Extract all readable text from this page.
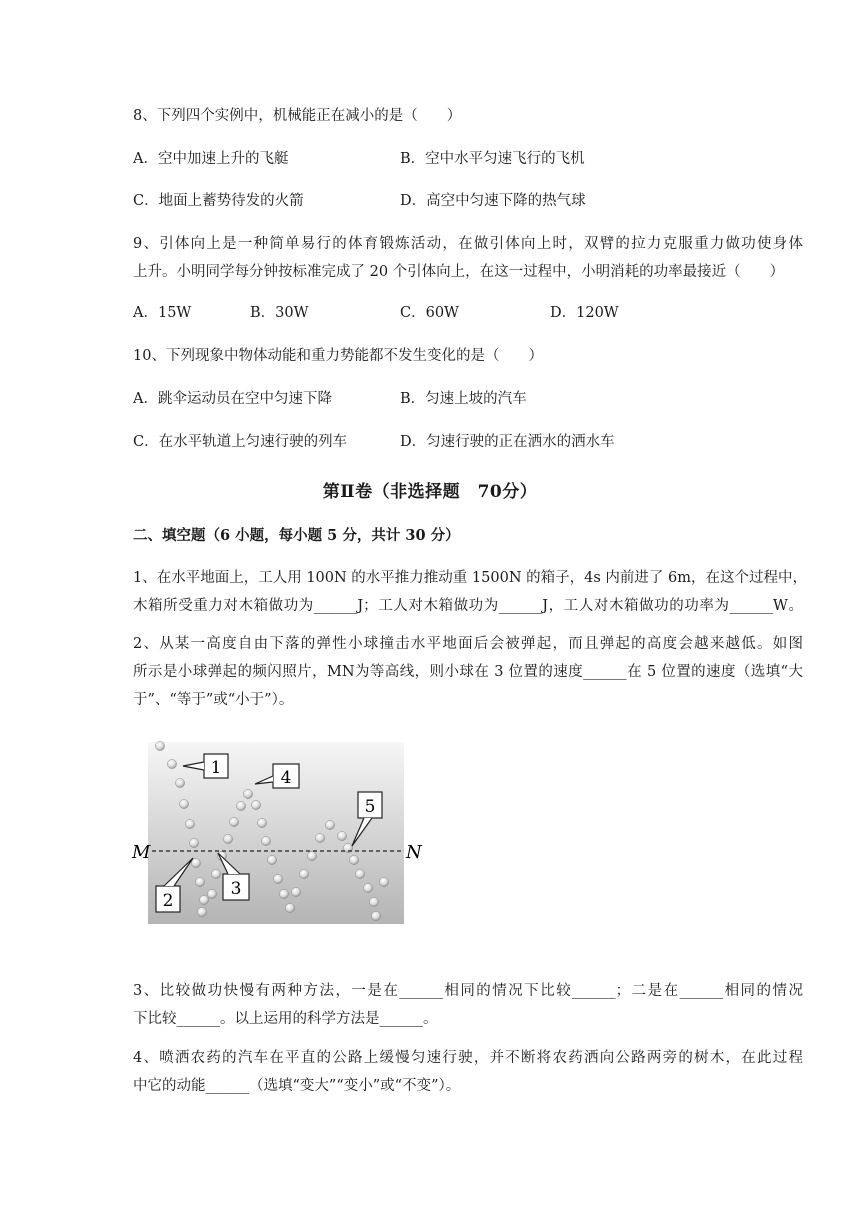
8、下列四个实例中，机械能正在减小的是（　　）
A．空中加速上升的飞艇	B．空中水平匀速飞行的飞机
C．地面上蓄势待发的火箭	D．高空中匀速下降的热气球
9、引体向上是一种简单易行的体育锻炼活动，在做引体向上时，双臂的拉力克服重力做功使身体
上升。小明同学每分钟按标准完成了 20 个引体向上，在这一过程中，小明消耗的功率最接近（　　）
A．15W	B．30W	C．60W	D．120W
10、下列现象中物体动能和重力势能都不发生变化的是（　　）
A．跳伞运动员在空中匀速下降	B．匀速上坡的汽车
C．在水平轨道上匀速行驶的列车	D．匀速行驶的正在洒水的洒水车
第Ⅱ卷（非选择题　70分）
二、填空题（6 小题，每小题 5 分，共计 30 分）
1、在水平地面上，工人用 100N 的水平推力推动重 1500N 的箱子，4s 内前进了 6m，在这个过程中，
木箱所受重力对木箱做功为______J；工人对木箱做功为______J，工人对木箱做功的功率为______W。
2、从某一高度自由下落的弹性小球撞击水平地面后会被弹起，而且弹起的高度会越来越低。如图
所示是小球弹起的频闪照片，MN为等高线，则小球在 3 位置的速度______在 5 位置的速度（选填“大
于”、“等于”或“小于”）。
M	N
1	4
5
2
3
3、比较做功快慢有两种方法，一是在______相同的情况下比较______；二是在______相同的情况
下比较______。以上运用的科学方法是______。
4、喷洒农药的汽车在平直的公路上缓慢匀速行驶，并不断将农药洒向公路两旁的树木，在此过程
中它的动能______（选填“变大”“变小”或“不变”）。
